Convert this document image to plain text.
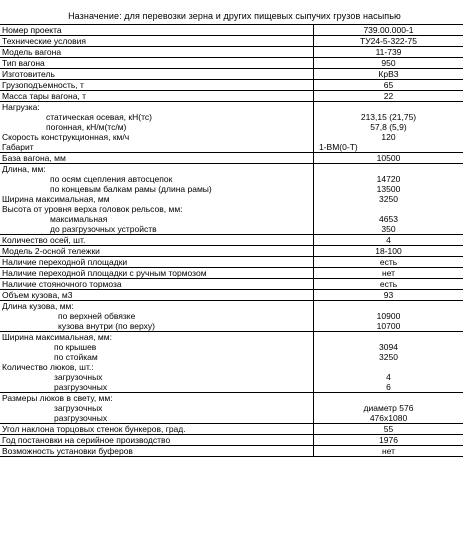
Назначение: для перевозки зерна и других пищевых сыпучих грузов насыпью
Номер проекта	739.00.000-1
Технические условия	ТУ24-5-322-75
Модель вагона	11-739
Тип вагона	950
Изготовитель	КрВЗ
Грузоподъемность, т	65
Масса тары вагона, т	22
Нагрузка:	
статическая осевая, кН(тс)	213,15 (21,75)
погонная, кН/м(тс/м)	57,8 (5,9)
Скорость конструкционная, км/ч	120
Габарит	1-ВМ(0-Т)
База вагона, мм	10500
Длина, мм:	
по осям сцепления автосцепок	14720
по концевым балкам рамы (длина рамы)	13500
Ширина максимальная, мм	3250
Высота от уровня верха головок рельсов, мм:	
максимальная	4653
до разгрузочных устройств	350
Количество осей, шт.	4
Модель 2-осной тележки	18-100
Наличие переходной площадки	есть
Наличие переходной площадки с ручным тормозом	нет
Наличие стояночного тормоза	есть
Объем кузова, м3	93
Длина кузова, мм:	
по верхней обвязке	10900
кузова внутри (по верху)	10700
Ширина максимальная, мм:	
по крышев	3094
по стойкам	3250
Количество люков, шт.:	
загрузочных	4
разгрузочных	6
Размеры люков в свету, мм:	
загрузочных	диаметр 576
разгрузочных	476x1080
Угол наклона торцовых стенок бункеров, град.	55
Год постановки на серийное производство	1976
Возможность установки буферов	нет
